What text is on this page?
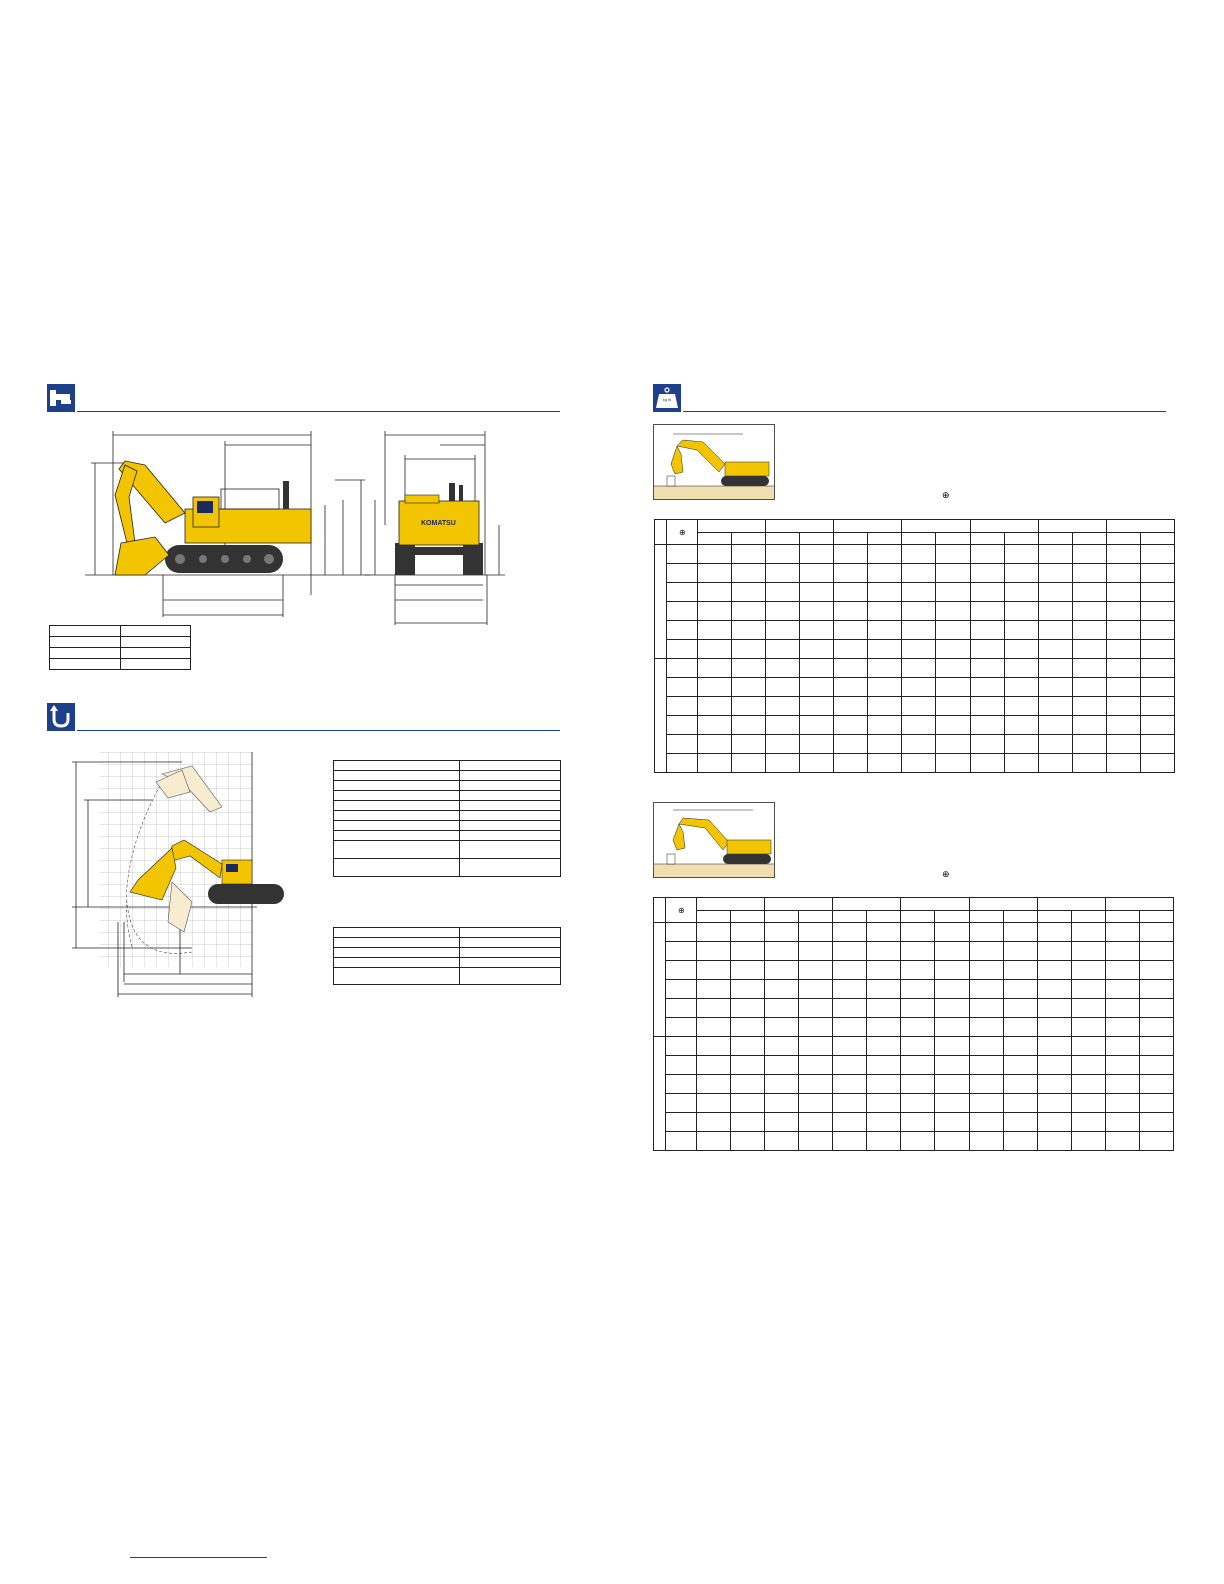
KOMATSU

kg lb
⊕
	⊕														

⊕
	⊕														
